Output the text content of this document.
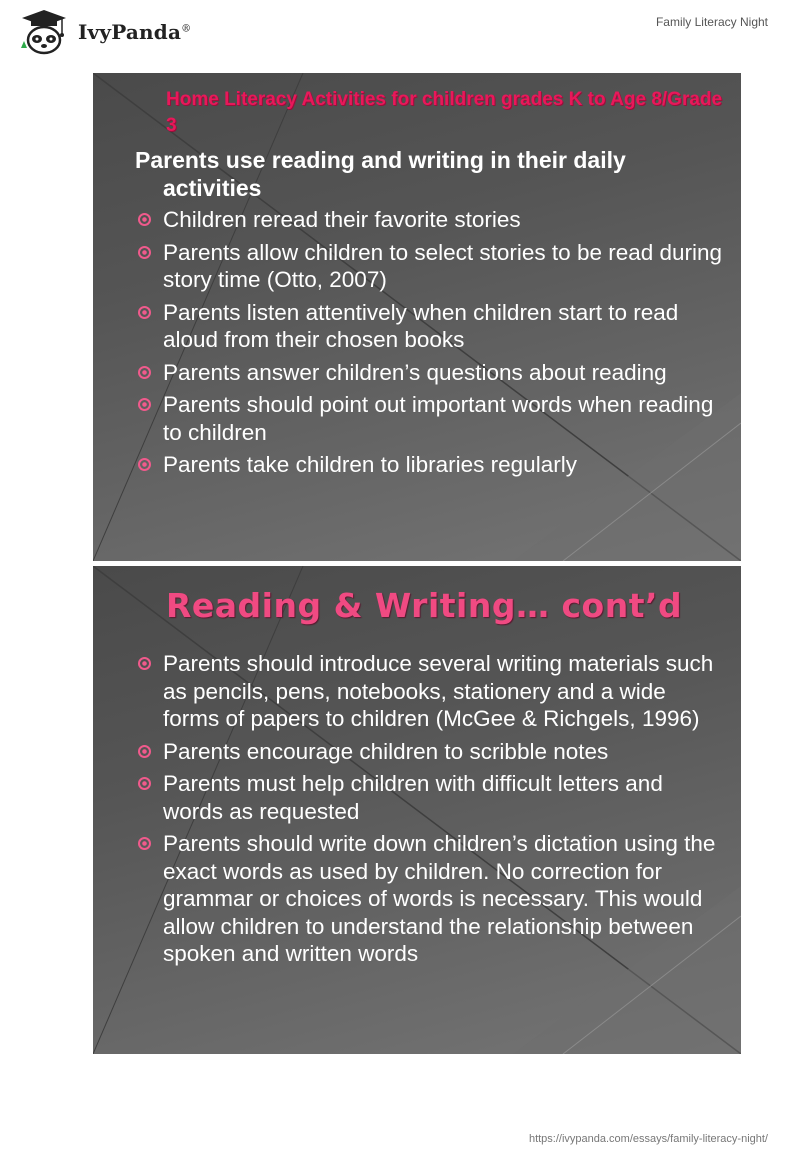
IvyPanda®	Family Literacy Night
Home Literacy Activities for children grades K to Age 8/Grade 3
Parents use reading and writing in their daily activities
Children reread their favorite stories
Parents allow children to select stories to be read during story time (Otto, 2007)
Parents listen attentively when children start to read aloud from their chosen books
Parents answer children’s questions about reading
Parents should point out important words when reading to children
Parents take children to libraries regularly
Reading & Writing… cont’d
Parents should introduce several writing materials such as pencils, pens, notebooks, stationery and a wide forms of papers to children (McGee & Richgels, 1996)
Parents encourage children to scribble notes
Parents must help children with difficult letters and words as requested
Parents should write down children’s dictation using the exact words as used by children. No correction for grammar or choices of words is necessary. This would allow children to understand the relationship between spoken and written words
https://ivypanda.com/essays/family-literacy-night/
